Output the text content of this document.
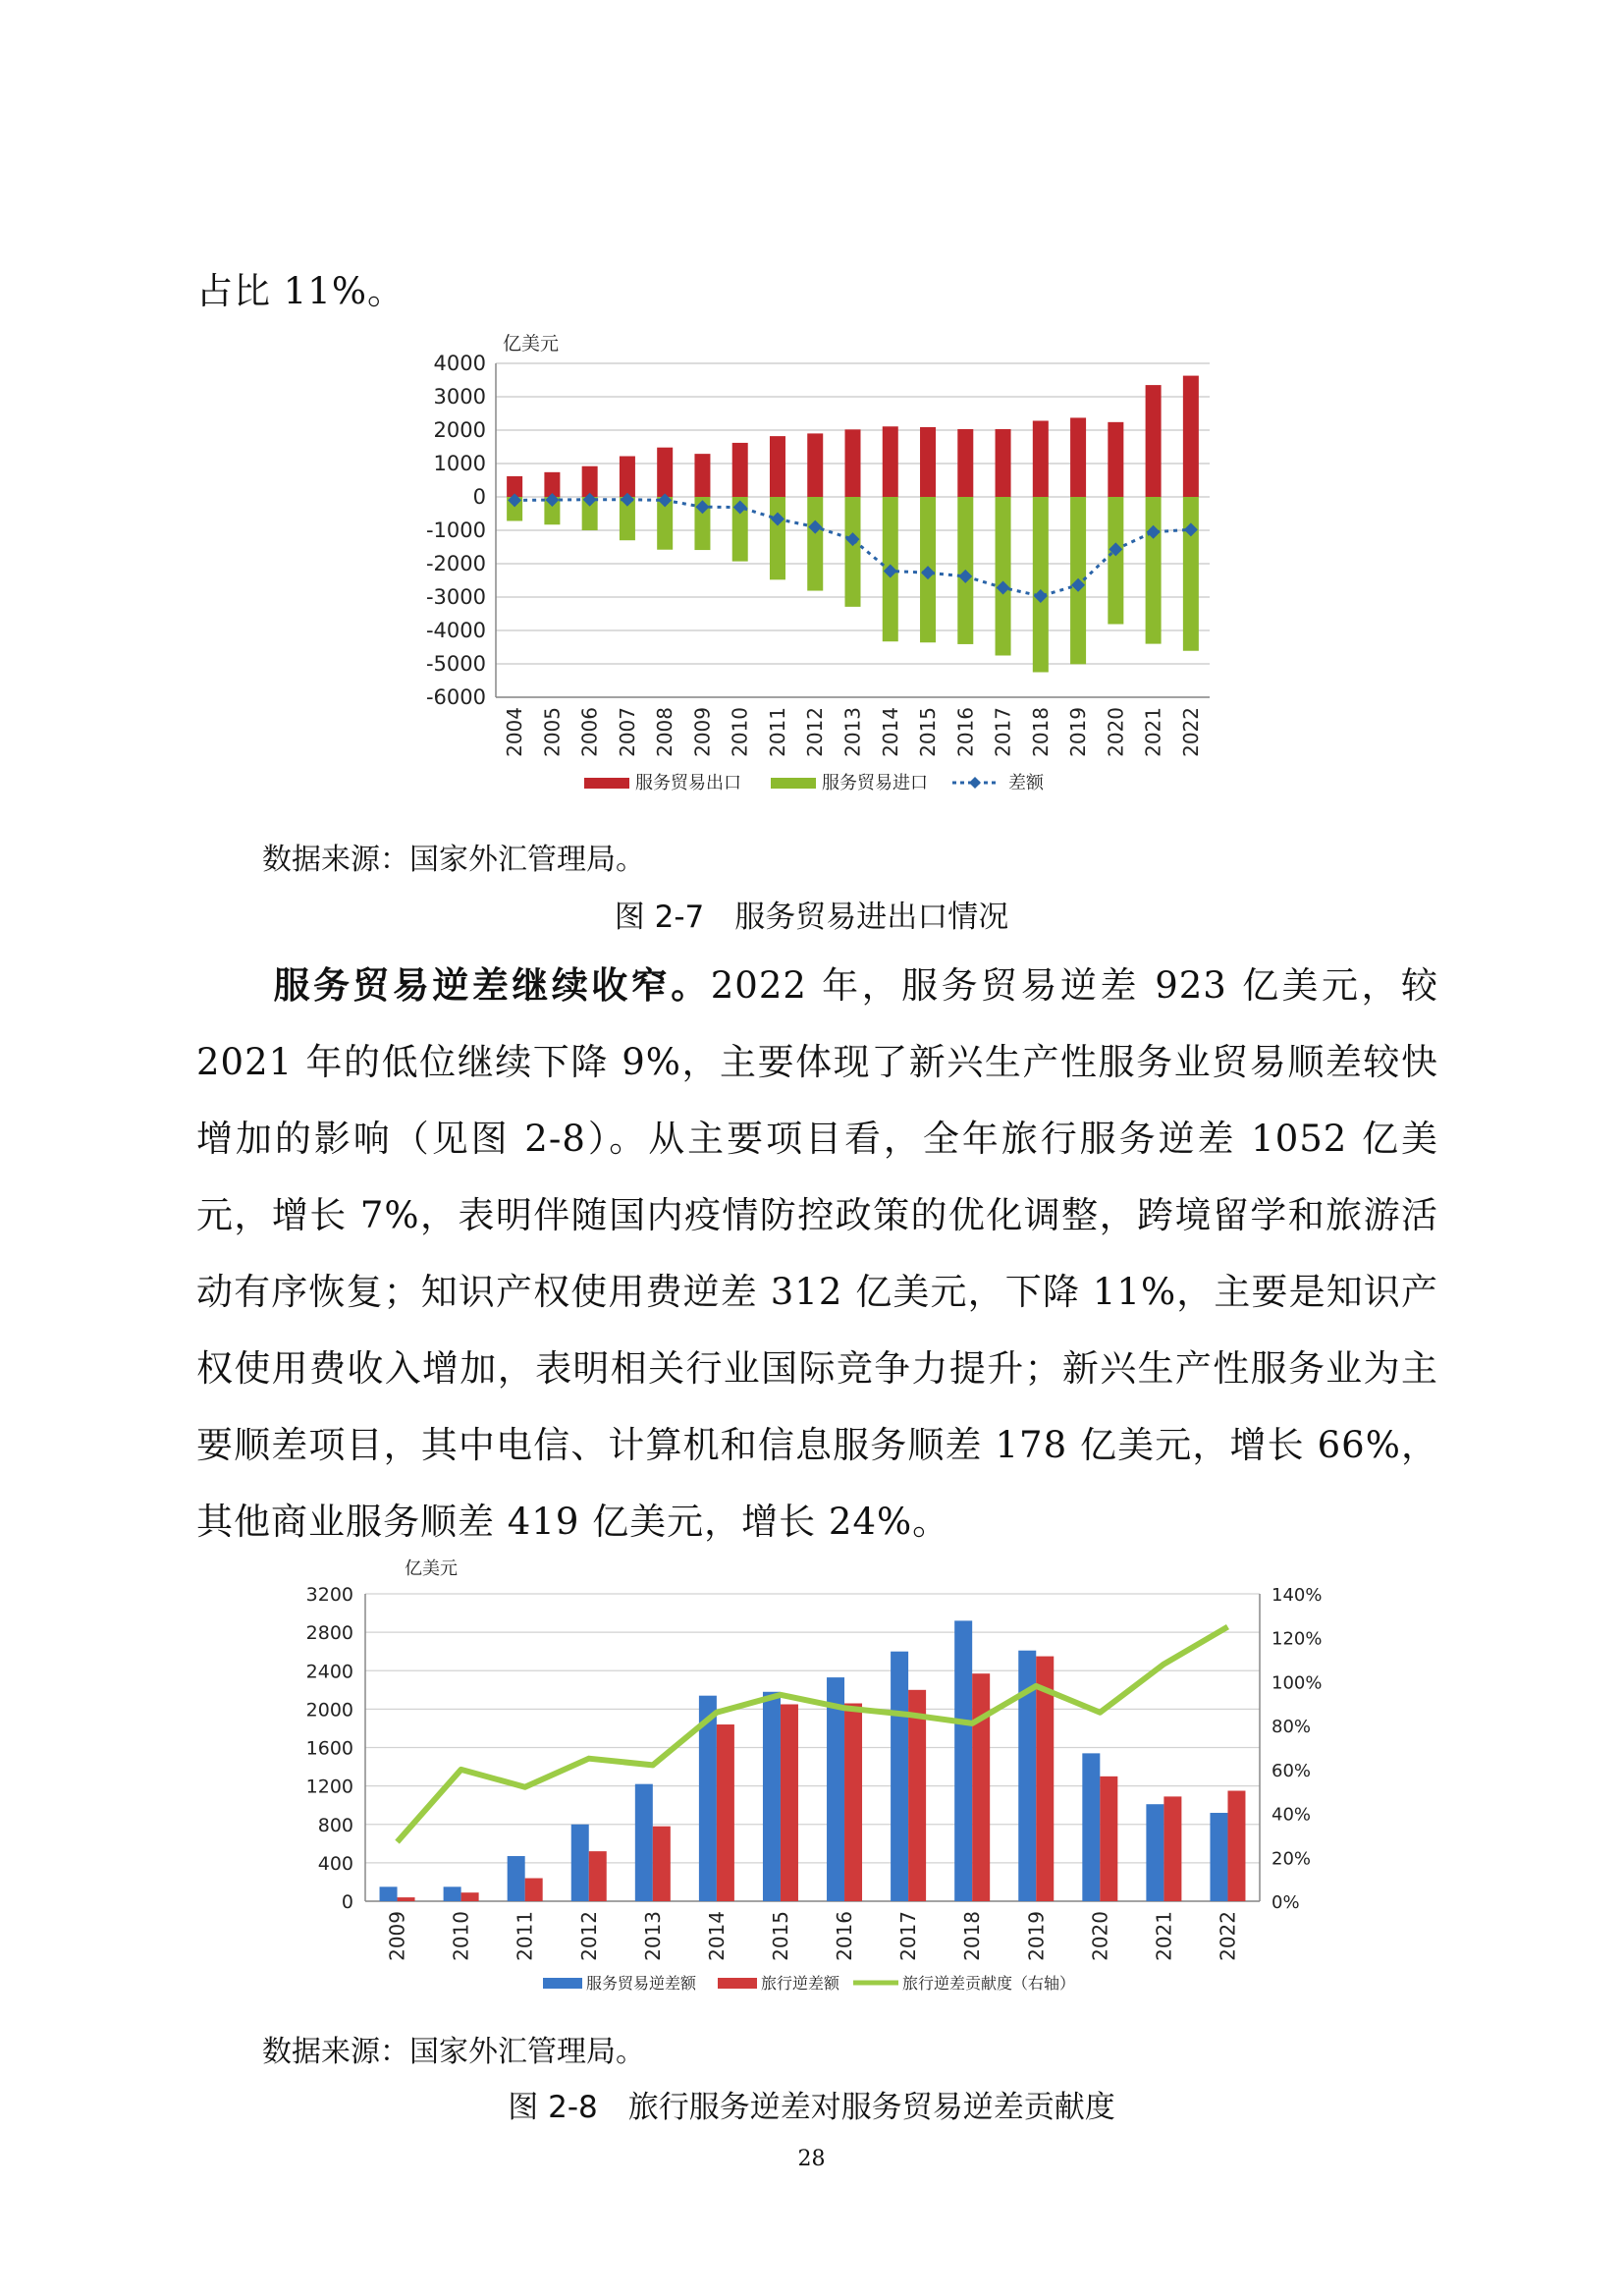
占比 11%。

亿美元
4000
3000
2000
1000
0
-1000
-2000
-3000
-4000
-5000
-6000
2004 2005 2006 2007 2008 2009 2010 2011 2012 2013 2014 2015 2016 2017 2018 2019 2020 2021 2022
服务贸易出口	服务贸易进口	差额

数据来源：国家外汇管理局。

图 2-7　服务贸易进出口情况

服务贸易逆差继续收窄。2022 年，服务贸易逆差 923 亿美元，较 2021 年的低位继续下降 9%，主要体现了新兴生产性服务业贸易顺差较快增加的影响（见图 2-8）。从主要项目看，全年旅行服务逆差 1052 亿美元，增长 7%，表明伴随国内疫情防控政策的优化调整，跨境留学和旅游活动有序恢复；知识产权使用费逆差 312 亿美元，下降 11%，主要是知识产权使用费收入增加，表明相关行业国际竞争力提升；新兴生产性服务业为主要顺差项目，其中电信、计算机和信息服务顺差 178 亿美元，增长 66%，其他商业服务顺差 419 亿美元，增长 24%。

亿美元
3200
2800
2400
2000
1600
1200
800
400
0
140%
120%
100%
80%
60%
40%
20%
0%
2009 2010 2011 2012 2013 2014 2015 2016 2017 2018 2019 2020 2021 2022
服务贸易逆差额	旅行逆差额	旅行逆差贡献度（右轴）

数据来源：国家外汇管理局。

图 2-8　旅行服务逆差对服务贸易逆差贡献度

28
